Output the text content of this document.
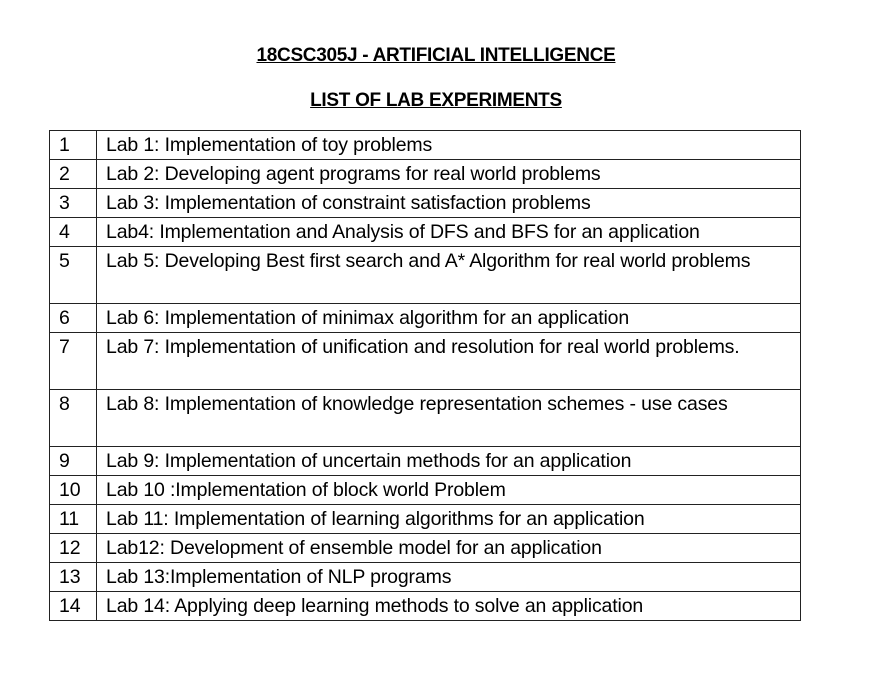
18CSC305J - ARTIFICIAL INTELLIGENCE
LIST OF LAB EXPERIMENTS
1	Lab 1: Implementation of toy problems
2	Lab 2: Developing agent programs for real world problems
3	Lab 3: Implementation of constraint satisfaction problems
4	Lab4: Implementation and Analysis of DFS and BFS for an application
5	Lab 5: Developing Best first search and A* Algorithm for real world problems
6	Lab 6: Implementation of minimax algorithm for an application
7	Lab 7: Implementation of unification and resolution for real world problems.
8	Lab 8: Implementation of knowledge representation schemes - use cases
9	Lab 9: Implementation of uncertain methods for an application
10	Lab 10 :Implementation of block world Problem
11	Lab 11: Implementation of learning algorithms for an application
12	Lab12: Development of ensemble model for an application
13	Lab 13:Implementation of NLP programs
14	Lab 14: Applying deep learning methods to solve an application
